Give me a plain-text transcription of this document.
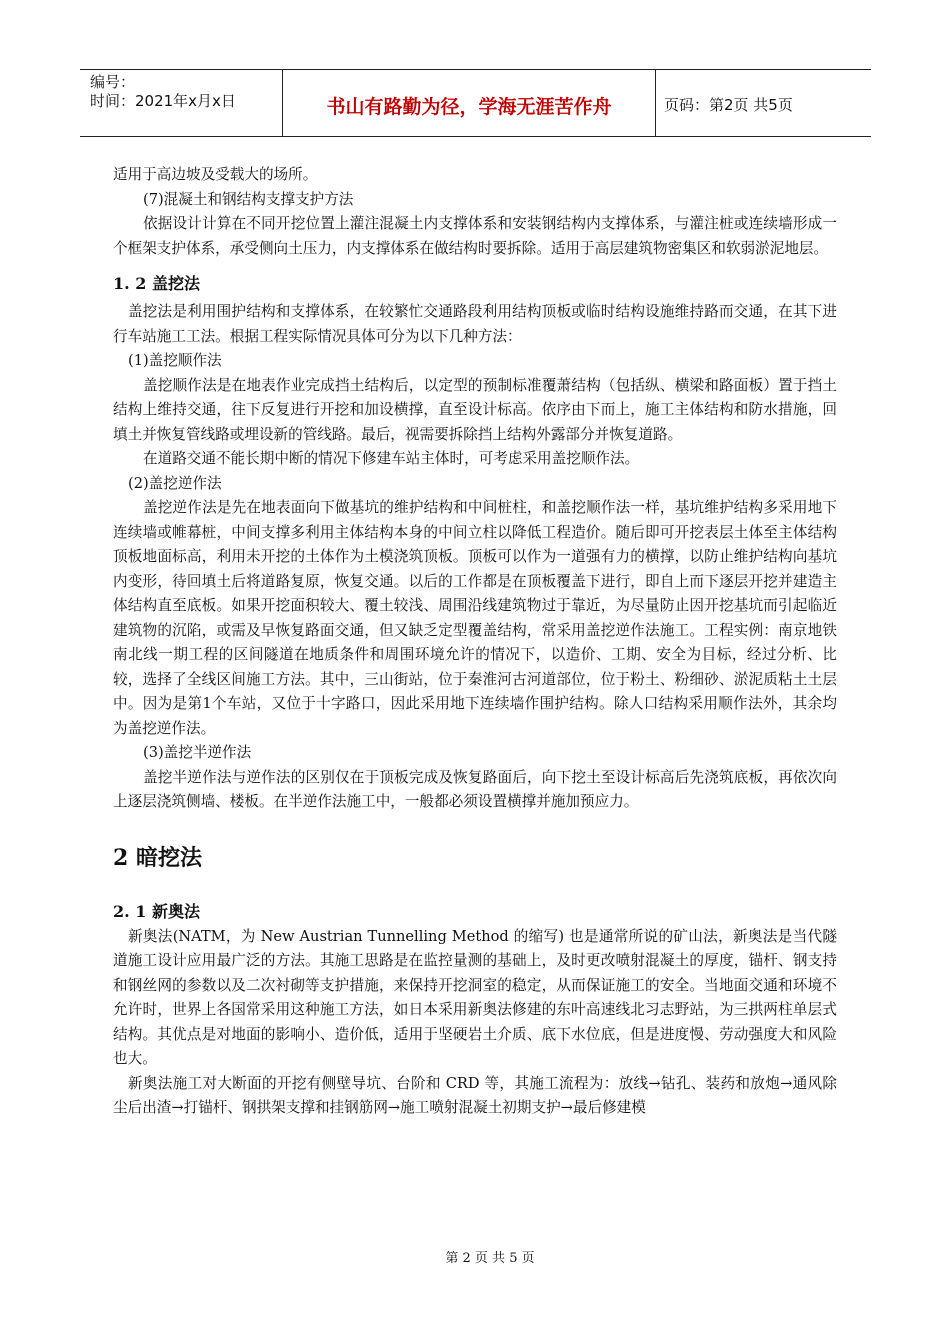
编号：
时间：2021年x月x日	书山有路勤为径，学海无涯苦作舟	页码：第2页 共5页

适用于高边坡及受载大的场所。

(7)混凝土和钢结构支撑支护方法

依据设计计算在不同开挖位置上灌注混凝土内支撑体系和安装钢结构内支撑体系，与灌注桩或连续墙形成一个框架支护体系，承受侧向土压力，内支撑体系在做结构时要拆除。适用于高层建筑物密集区和软弱淤泥地层。

1. 2 盖挖法

盖挖法是利用围护结构和支撑体系，在较繁忙交通路段利用结构顶板或临时结构设施维持路而交通，在其下进行车站施工工法。根据工程实际情况具体可分为以下几种方法：

(1)盖挖顺作法

盖挖顺作法是在地表作业完成挡土结构后，以定型的预制标准覆萧结构（包括纵、横梁和路面板）置于挡土结构上维持交通，往下反复进行开挖和加设横撑，直至设计标高。依序由下而上，施工主体结构和防水措施，回填土并恢复管线路或埋设新的管线路。最后，视需要拆除挡上结构外露部分并恢复道路。

在道路交通不能长期中断的情况下修建车站主体时，可考虑采用盖挖顺作法。

(2)盖挖逆作法

盖挖逆作法是先在地表面向下做基坑的维护结构和中间桩柱，和盖挖顺作法一样，基坑维护结构多采用地下连续墙或帷幕桩，中间支撑多利用主体结构本身的中间立柱以降低工程造价。随后即可开挖表层土体至主体结构顶板地面标高，利用未开挖的土体作为土模浇筑顶板。顶板可以作为一道强有力的横撑，以防止维护结构向基坑内变形，待回填土后将道路复原，恢复交通。以后的工作都是在顶板覆盖下进行，即自上而下逐层开挖并建造主体结构直至底板。如果开挖面积较大、覆土较浅、周围沿线建筑物过于靠近，为尽量防止因开挖基坑而引起临近建筑物的沉陷，或需及早恢复路面交通，但又缺乏定型覆盖结构，常采用盖挖逆作法施工。工程实例：南京地铁南北线一期工程的区间隧道在地质条件和周围环境允许的情况下，以造价、工期、安全为目标，经过分析、比较，选择了全线区间施工方法。其中，三山街站，位于秦淮河古河道部位，位于粉土、粉细砂、淤泥质粘土土层中。因为是第1个车站，又位于十字路口，因此采用地下连续墙作围护结构。除人口结构采用顺作法外，其余均为盖挖逆作法。

(3)盖挖半逆作法

盖挖半逆作法与逆作法的区别仅在于顶板完成及恢复路面后，向下挖土至设计标高后先浇筑底板，再依次向上逐层浇筑侧墙、楼板。在半逆作法施工中，一般都必须设置横撑并施加预应力。

2 暗挖法
2. 1 新奥法

新奥法(NATM，为 New Austrian Tunnelling Method 的缩写) 也是通常所说的矿山法，新奥法是当代隧道施工设计应用最广泛的方法。其施工思路是在监控量测的基础上，及时更改喷射混凝土的厚度，锚杆、钢支持和钢丝网的参数以及二次衬砌等支护措施，来保持开挖洞室的稳定，从而保证施工的安全。当地面交通和环境不允许时，世界上各国常采用这种施工方法，如日本采用新奥法修建的东叶高速线北习志野站，为三拱两柱单层式结构。其优点是对地面的影响小、造价低，适用于坚硬岩土介质、底下水位底，但是进度慢、劳动强度大和风险也大。

新奥法施工对大断面的开挖有侧壁导坑、台阶和 CRD 等，其施工流程为：放线→钻孔、装药和放炮→通风除尘后出渣→打锚杆、钢拱架支撑和挂钢筋网→施工喷射混凝土初期支护→最后修建模

第 2 页 共 5 页
